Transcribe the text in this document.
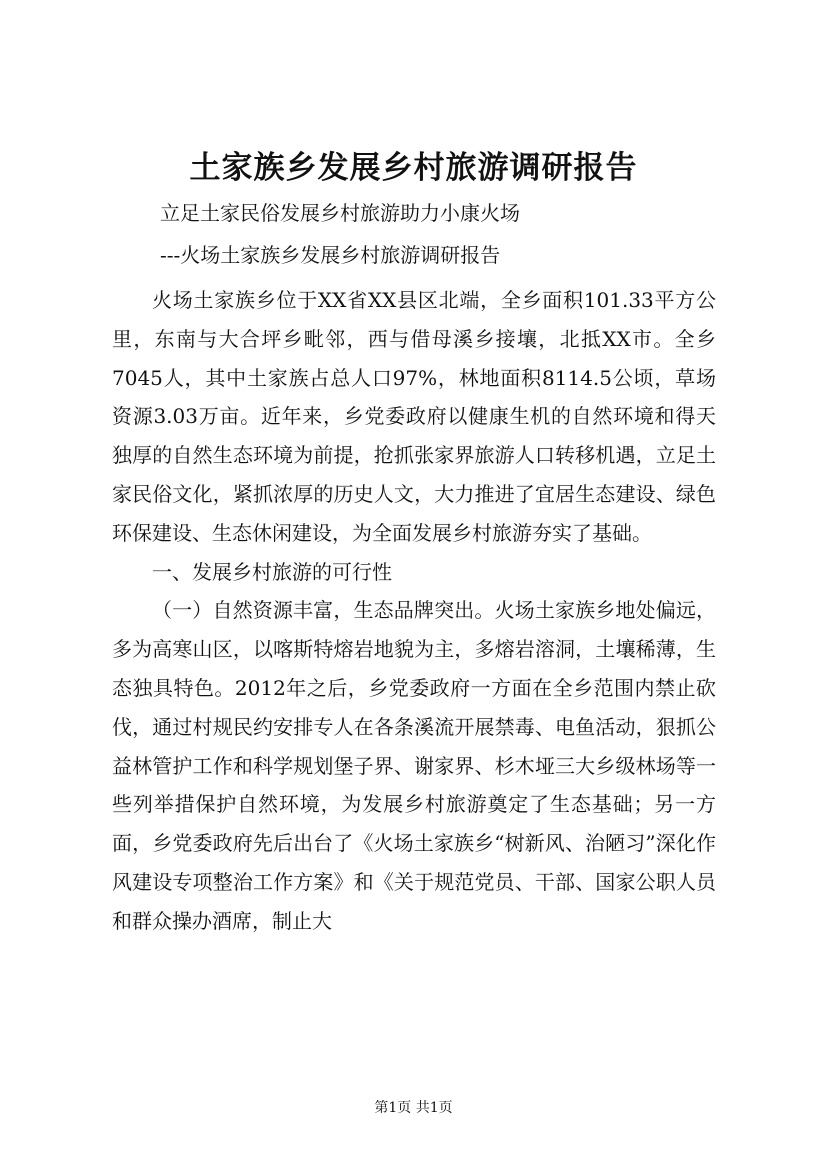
土家族乡发展乡村旅游调研报告

立足土家民俗发展乡村旅游助力小康火场

---火场土家族乡发展乡村旅游调研报告

火场土家族乡位于XX省XX县区北端，全乡面积101.33平方公里，东南与大合坪乡毗邻，西与借母溪乡接壤，北抵XX市。全乡7045人，其中土家族占总人口97%，林地面积8114.5公顷，草场资源3.03万亩。近年来，乡党委政府以健康生机的自然环境和得天独厚的自然生态环境为前提，抢抓张家界旅游人口转移机遇，立足土家民俗文化，紧抓浓厚的历史人文，大力推进了宜居生态建设、绿色环保建设、生态休闲建设，为全面发展乡村旅游夯实了基础。

一、发展乡村旅游的可行性

（一）自然资源丰富，生态品牌突出。火场土家族乡地处偏远，多为高寒山区，以喀斯特熔岩地貌为主，多熔岩溶洞，土壤稀薄，生态独具特色。2012年之后，乡党委政府一方面在全乡范围内禁止砍伐，通过村规民约安排专人在各条溪流开展禁毒、电鱼活动，狠抓公益林管护工作和科学规划堡子界、谢家界、杉木垭三大乡级林场等一些列举措保护自然环境，为发展乡村旅游奠定了生态基础；另一方面，乡党委政府先后出台了《火场土家族乡“树新风、治陋习”深化作风建设专项整治工作方案》和《关于规范党员、干部、国家公职人员和群众操办酒席，制止大

第1页 共1页
